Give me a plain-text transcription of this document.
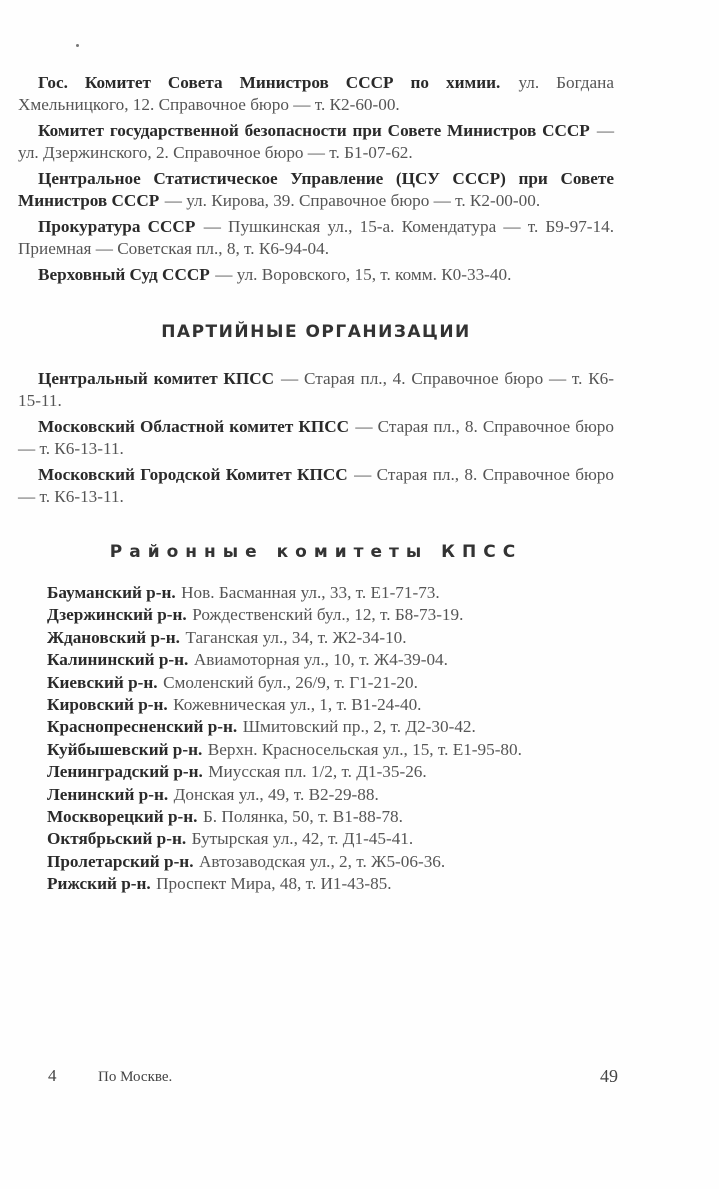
Гос. Комитет Совета Министров СССР по химии. ул. Богдана Хмельницкого, 12. Справочное бюро — т. К2-60-00.

Комитет государственной безопасности при Совете Министров СССР — ул. Дзержинского, 2. Справочное бюро — т. Б1-07-62.

Центральное Статистическое Управление (ЦСУ СССР) при Совете Министров СССР — ул. Кирова, 39. Справочное бюро — т. К2-00-00.

Прокуратура СССР — Пушкинская ул., 15-а. Комендатура — т. Б9-97-14. Приемная — Советская пл., 8, т. К6-94-04.

Верховный Суд СССР — ул. Воровского, 15, т. комм. К0-33-40.

ПАРТИЙНЫЕ ОРГАНИЗАЦИИ

Центральный комитет КПСС — Старая пл., 4. Справочное бюро — т. К6-15-11.

Московский Областной комитет КПСС — Старая пл., 8. Справочное бюро — т. К6-13-11.

Московский Городской Комитет КПСС — Старая пл., 8. Справочное бюро — т. К6-13-11.

Районные комитеты КПСС

Бауманский р-н. Нов. Басманная ул., 33, т. Е1-71-73.

Дзержинский р-н. Рождественский бул., 12, т. Б8-73-19.

Ждановский р-н. Таганская ул., 34, т. Ж2-34-10.

Калининский р-н. Авиамоторная ул., 10, т. Ж4-39-04.

Киевский р-н. Смоленский бул., 26/9, т. Г1-21-20.

Кировский р-н. Кожевническая ул., 1, т. В1-24-40.

Краснопресненский р-н. Шмитовский пр., 2, т. Д2-30-42.

Куйбышевский р-н. Верхн. Красносельская ул., 15, т. Е1-95-80.

Ленинградский р-н. Миусская пл. 1/2, т. Д1-35-26.

Ленинский р-н. Донская ул., 49, т. В2-29-88.

Москворецкий р-н. Б. Полянка, 50, т. В1-88-78.

Октябрьский р-н. Бутырская ул., 42, т. Д1-45-41.

Пролетарский р-н. Автозаводская ул., 2, т. Ж5-06-36.

Рижский р-н. Проспект Мира, 48, т. И1-43-85.

4	По Москве.	49
